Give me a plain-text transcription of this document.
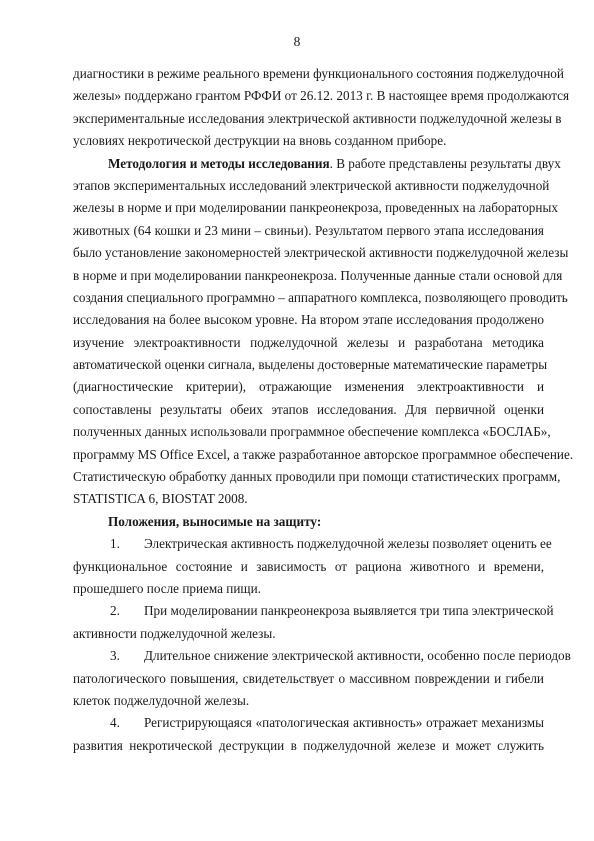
8
диагностики в режиме реального времени функционального состояния поджелудочной
железы» поддержано грантом РФФИ от 26.12. 2013 г. В настоящее время продолжаются
экспериментальные исследования электрической активности поджелудочной железы в
условиях некротической деструкции на вновь созданном приборе.
Методология и методы исследования. В работе представлены результаты двух
этапов экспериментальных исследований электрической активности поджелудочной
железы в норме и при моделировании панкреонекроза, проведенных на лабораторных
животных (64 кошки и 23 мини – свиньи). Результатом первого этапа исследования
было установление закономерностей электрической активности поджелудочной железы
в норме и при моделировании панкреонекроза. Полученные данные стали основой для
создания специального программно – аппаратного комплекса, позволяющего проводить
исследования на более высоком уровне. На втором этапе исследования продолжено
изучение электроактивности поджелудочной железы и разработана методика
автоматической оценки сигнала, выделены достоверные математические параметры
(диагностические критерии), отражающие изменения электроактивности и
сопоставлены результаты обеих этапов исследования. Для первичной оценки
полученных данных использовали программное обеспечение комплекса «БОСЛАБ»,
программу MS Office Excel, а также разработанное авторское программное обеспечение.
Статистическую обработку данных проводили при помощи статистических программ,
STATISTICA 6, BIOSTAT 2008.
Положения, выносимые на защиту:
1. Электрическая активность поджелудочной железы позволяет оценить ее
функциональное состояние и зависимость от рациона животного и времени,
прошедшего после приема пищи.
2. При моделировании панкреонекроза выявляется три типа электрической
активности поджелудочной железы.
3. Длительное снижение электрической активности, особенно после периодов
патологического повышения, свидетельствует о массивном повреждении и гибели
клеток поджелудочной железы.
4. Регистрирующаяся «патологическая активность» отражает механизмы
развития некротической деструкции в поджелудочной железе и может служить
